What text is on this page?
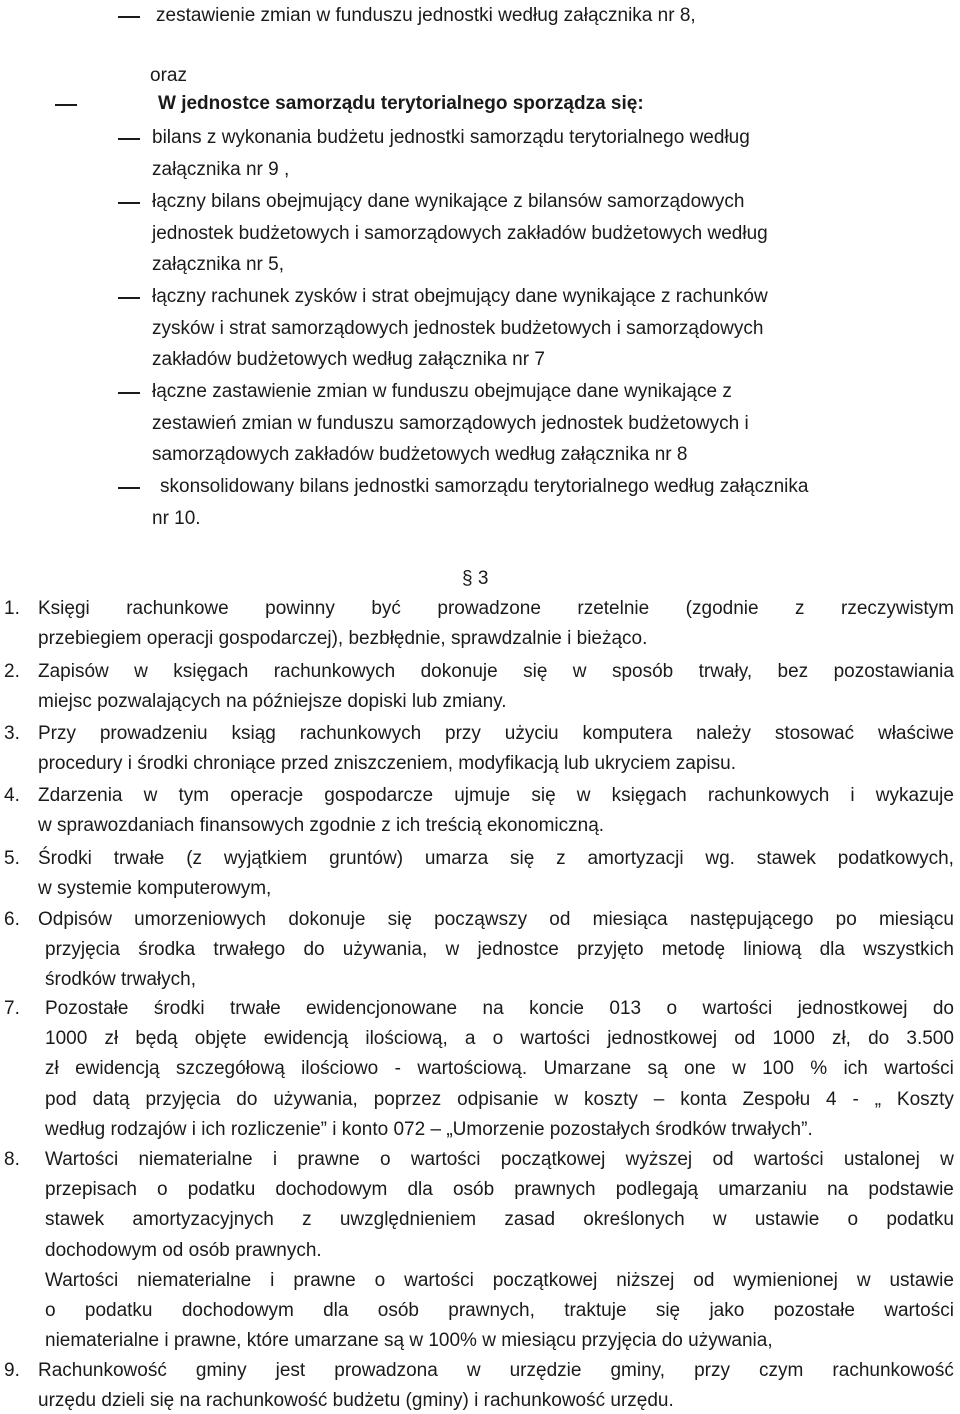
zestawienie zmian w funduszu jednostki według załącznika nr 8,
oraz
W jednostce samorządu terytorialnego sporządza się:
bilans z wykonania budżetu jednostki samorządu terytorialnego według
załącznika nr 9 ,
łączny bilans obejmujący dane wynikające z bilansów samorządowych
jednostek budżetowych i samorządowych zakładów budżetowych według
załącznika nr 5,
łączny rachunek zysków i strat obejmujący dane wynikające z rachunków
zysków i strat samorządowych jednostek budżetowych i samorządowych
zakładów budżetowych według załącznika nr 7
łączne zastawienie zmian w funduszu obejmujące dane wynikające z
zestawień zmian w funduszu samorządowych jednostek budżetowych i
samorządowych zakładów budżetowych według załącznika nr 8
skonsolidowany bilans jednostki samorządu terytorialnego według załącznika
nr 10.
§ 3
1. Księgi rachunkowe powinny być prowadzone rzetelnie (zgodnie z rzeczywistym
przebiegiem operacji gospodarczej), bezbłędnie, sprawdzalnie i bieżąco.
2. Zapisów w księgach rachunkowych dokonuje się w sposób trwały, bez pozostawiania
miejsc pozwalających na późniejsze dopiski lub zmiany.
3. Przy prowadzeniu ksiąg rachunkowych przy użyciu komputera należy stosować właściwe
procedury i środki chroniące przed zniszczeniem, modyfikacją lub ukryciem zapisu.
4. Zdarzenia w tym operacje gospodarcze ujmuje się w księgach rachunkowych i wykazuje
w sprawozdaniach finansowych zgodnie z ich treścią ekonomiczną.
5. Środki trwałe (z wyjątkiem gruntów) umarza się z amortyzacji wg. stawek podatkowych,
w systemie komputerowym,
6. Odpisów umorzeniowych dokonuje się począwszy od miesiąca następującego po miesiącu
przyjęcia środka trwałego do używania, w jednostce przyjęto metodę liniową dla wszystkich
środków trwałych,
7. Pozostałe środki trwałe ewidencjonowane na koncie 013 o wartości jednostkowej do
1000 zł będą objęte ewidencją ilościową, a o wartości jednostkowej od 1000 zł, do 3.500
zł ewidencją szczegółową ilościowo - wartościową. Umarzane są one w 100 % ich wartości
pod datą przyjęcia do używania, poprzez odpisanie w koszty – konta Zespołu 4 - „ Koszty
według rodzajów i ich rozliczenie” i konto 072 – „Umorzenie pozostałych środków trwałych”.
8. Wartości niematerialne i prawne o wartości początkowej wyższej od wartości ustalonej w
przepisach o podatku dochodowym dla osób prawnych podlegają umarzaniu na podstawie
stawek amortyzacyjnych z uwzględnieniem zasad określonych w ustawie o podatku
dochodowym od osób prawnych.
Wartości niematerialne i prawne o wartości początkowej niższej od wymienionej w ustawie
o podatku dochodowym dla osób prawnych, traktuje się jako pozostałe wartości
niematerialne i prawne, które umarzane są w 100% w miesiącu przyjęcia do używania,
9. Rachunkowość gminy jest prowadzona w urzędzie gminy, przy czym rachunkowość
urzędu dzieli się na rachunkowość budżetu (gminy) i rachunkowość urzędu.
